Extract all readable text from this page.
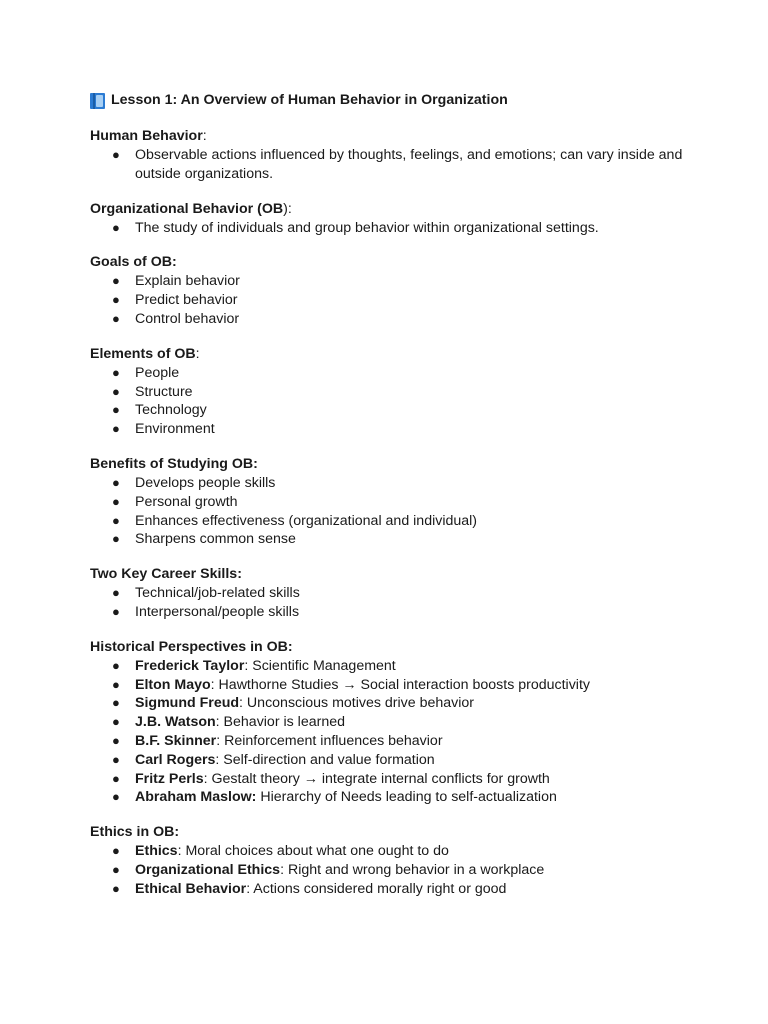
Lesson 1: An Overview of Human Behavior in Organization
Human Behavior:
● Observable actions influenced by thoughts, feelings, and emotions; can vary inside and outside organizations.
Organizational Behavior (OB):
● The study of individuals and group behavior within organizational settings.
Goals of OB:
● Explain behavior
● Predict behavior
● Control behavior
Elements of OB:
● People
● Structure
● Technology
● Environment
Benefits of Studying OB:
● Develops people skills
● Personal growth
● Enhances effectiveness (organizational and individual)
● Sharpens common sense
Two Key Career Skills:
● Technical/job-related skills
● Interpersonal/people skills
Historical Perspectives in OB:
● Frederick Taylor: Scientific Management
● Elton Mayo: Hawthorne Studies → Social interaction boosts productivity
● Sigmund Freud: Unconscious motives drive behavior
● J.B. Watson: Behavior is learned
● B.F. Skinner: Reinforcement influences behavior
● Carl Rogers: Self-direction and value formation
● Fritz Perls: Gestalt theory → integrate internal conflicts for growth
● Abraham Maslow: Hierarchy of Needs leading to self-actualization
Ethics in OB:
● Ethics: Moral choices about what one ought to do
● Organizational Ethics: Right and wrong behavior in a workplace
● Ethical Behavior: Actions considered morally right or good
